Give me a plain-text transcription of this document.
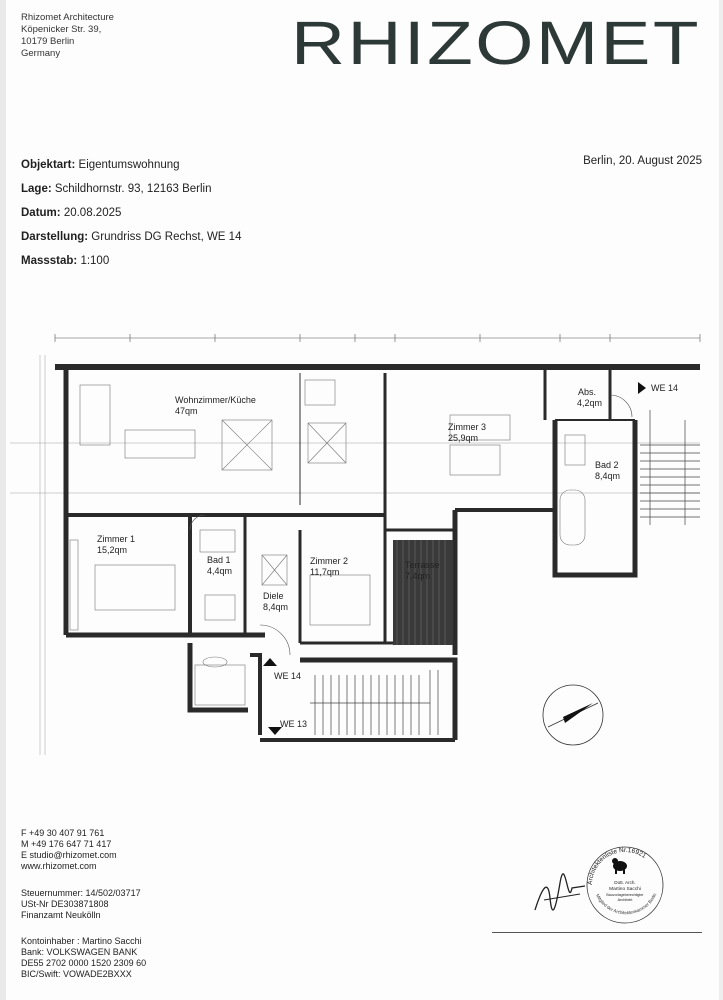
Rhizomet Architecture
Köpenicker Str. 39,
10179 Berlin
Germany	RHIZOMET
Objektart: Eigentumswohnung
Lage: Schildhornstr. 93, 12163 Berlin
Datum: 20.08.2025
Darstellung: Grundriss DG Rechst, WE 14
Massstab: 1:100
Berlin, 20. August 2025
Wohnzimmer/Küche
47qm
Zimmer 3
25,9qm
Abs.
4,2qm
Bad 2
8,4qm
Zimmer 1
15,2qm
Bad 1
4,4qm
Diele
8,4qm
Zimmer 2
11,7qm
Terrasse
7,4qm
WE 14
WE 14
WE 13
F +49 30 407 91 761
M +49 176 647 71 417
E studio@rhizomet.com
www.rhizomet.com
Steuernummer: 14/502/03717
USt-Nr DE303871808
Finanzamt Neukölln
Kontoinhaber : Martino Sacchi
Bank: VOLKSWAGEN BANK
DE55 2702 0000 1520 2309 60
BIC/Swift: VOWADE2BXXX
Architektenliste Nr.16921
Mitglied der Architektenkammer Berlin
Dott. Arch.
Martino Sacchi
Bauvorlageberechtigter
Architekt
